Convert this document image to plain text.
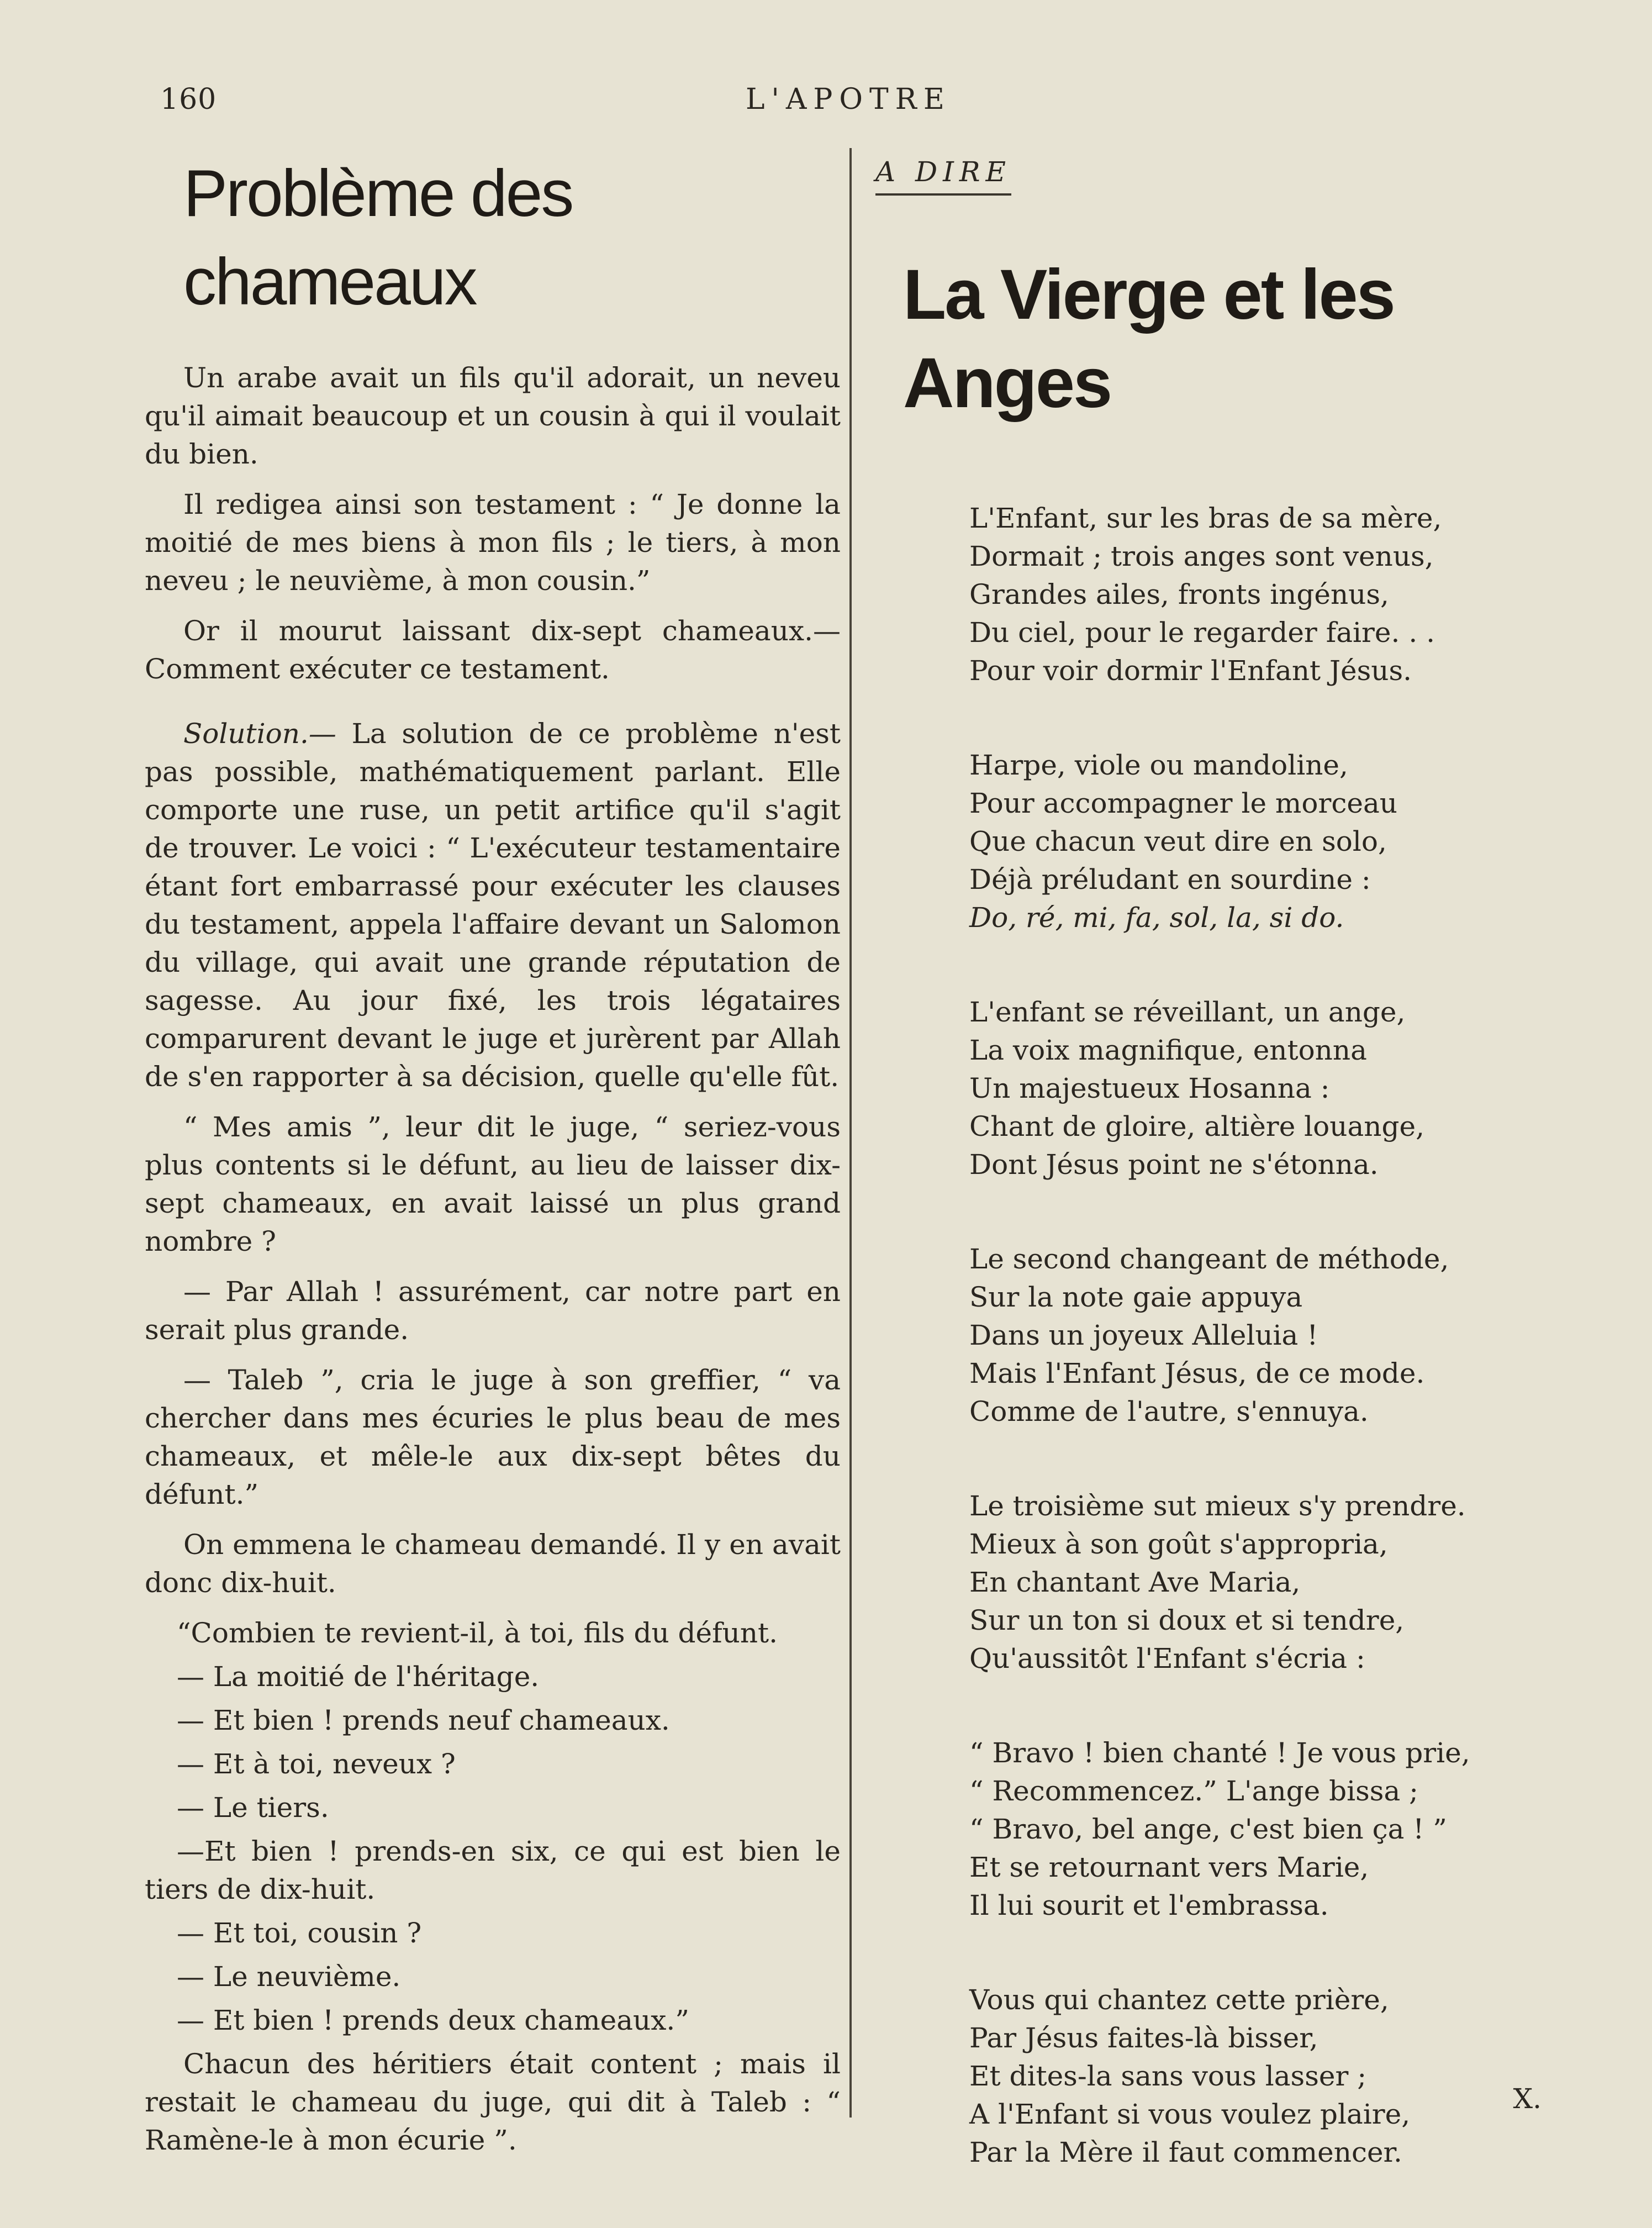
160	L'APOTRE
Problème des chameaux

Un arabe avait un fils qu'il adorait, un neveu qu'il aimait beaucoup et un cousin à qui il voulait du bien.

Il redigea ainsi son testament : “ Je donne la moitié de mes biens à mon fils ; le tiers, à mon neveu ; le neuvième, à mon cousin.”

Or il mourut laissant dix-sept chameaux.— Comment exécuter ce testament.

Solution.— La solution de ce problème n'est pas possible, mathématiquement parlant. Elle comporte une ruse, un petit artifice qu'il s'agit de trouver. Le voici : “ L'exécuteur testamentaire étant fort embarrassé pour exécuter les clauses du testament, appela l'affaire devant un Salomon du village, qui avait une grande réputation de sagesse. Au jour fixé, les trois légataires comparurent devant le juge et jurèrent par Allah de s'en rapporter à sa décision, quelle qu'elle fût.

“ Mes amis ”, leur dit le juge, “ seriez-vous plus contents si le défunt, au lieu de laisser dix-sept chameaux, en avait laissé un plus grand nombre ?

— Par Allah ! assurément, car notre part en serait plus grande.

— Taleb ”, cria le juge à son greffier, “ va chercher dans mes écuries le plus beau de mes chameaux, et mêle-le aux dix-sept bêtes du défunt.”

On emmena le chameau demandé. Il y en avait donc dix-huit.

“Combien te revient-il, à toi, fils du défunt.

— La moitié de l'héritage.

— Et bien ! prends neuf chameaux.

— Et à toi, neveux ?

— Le tiers.

—Et bien ! prends-en six, ce qui est bien le tiers de dix-huit.

— Et toi, cousin ?

— Le neuvième.

— Et bien ! prends deux chameaux.”

Chacun des héritiers était content ; mais il restait le chameau du juge, qui dit à Taleb : “ Ramène-le à mon écurie ”.

A DIRE
La Vierge et les Anges
L'Enfant, sur les bras de sa mère,
Dormait ; trois anges sont venus,
Grandes ailes, fronts ingénus,
Du ciel, pour le regarder faire. . .
Pour voir dormir l'Enfant Jésus.
Harpe, viole ou mandoline,
Pour accompagner le morceau
Que chacun veut dire en solo,
Déjà préludant en sourdine :
Do, ré, mi, fa, sol, la, si do.
L'enfant se réveillant, un ange,
La voix magnifique, entonna
Un majestueux Hosanna :
Chant de gloire, altière louange,
Dont Jésus point ne s'étonna.
Le second changeant de méthode,
Sur la note gaie appuya
Dans un joyeux Alleluia !
Mais l'Enfant Jésus, de ce mode.
Comme de l'autre, s'ennuya.
Le troisième sut mieux s'y prendre.
Mieux à son goût s'appropria,
En chantant Ave Maria,
Sur un ton si doux et si tendre,
Qu'aussitôt l'Enfant s'écria :
“ Bravo ! bien chanté ! Je vous prie,
“ Recommencez.” L'ange bissa ;
“ Bravo, bel ange, c'est bien ça ! ”
Et se retournant vers Marie,
Il lui sourit et l'embrassa.
Vous qui chantez cette prière,
Par Jésus faites-là bisser,
Et dites-la sans vous lasser ;
A l'Enfant si vous voulez plaire,
Par la Mère il faut commencer.
X.
